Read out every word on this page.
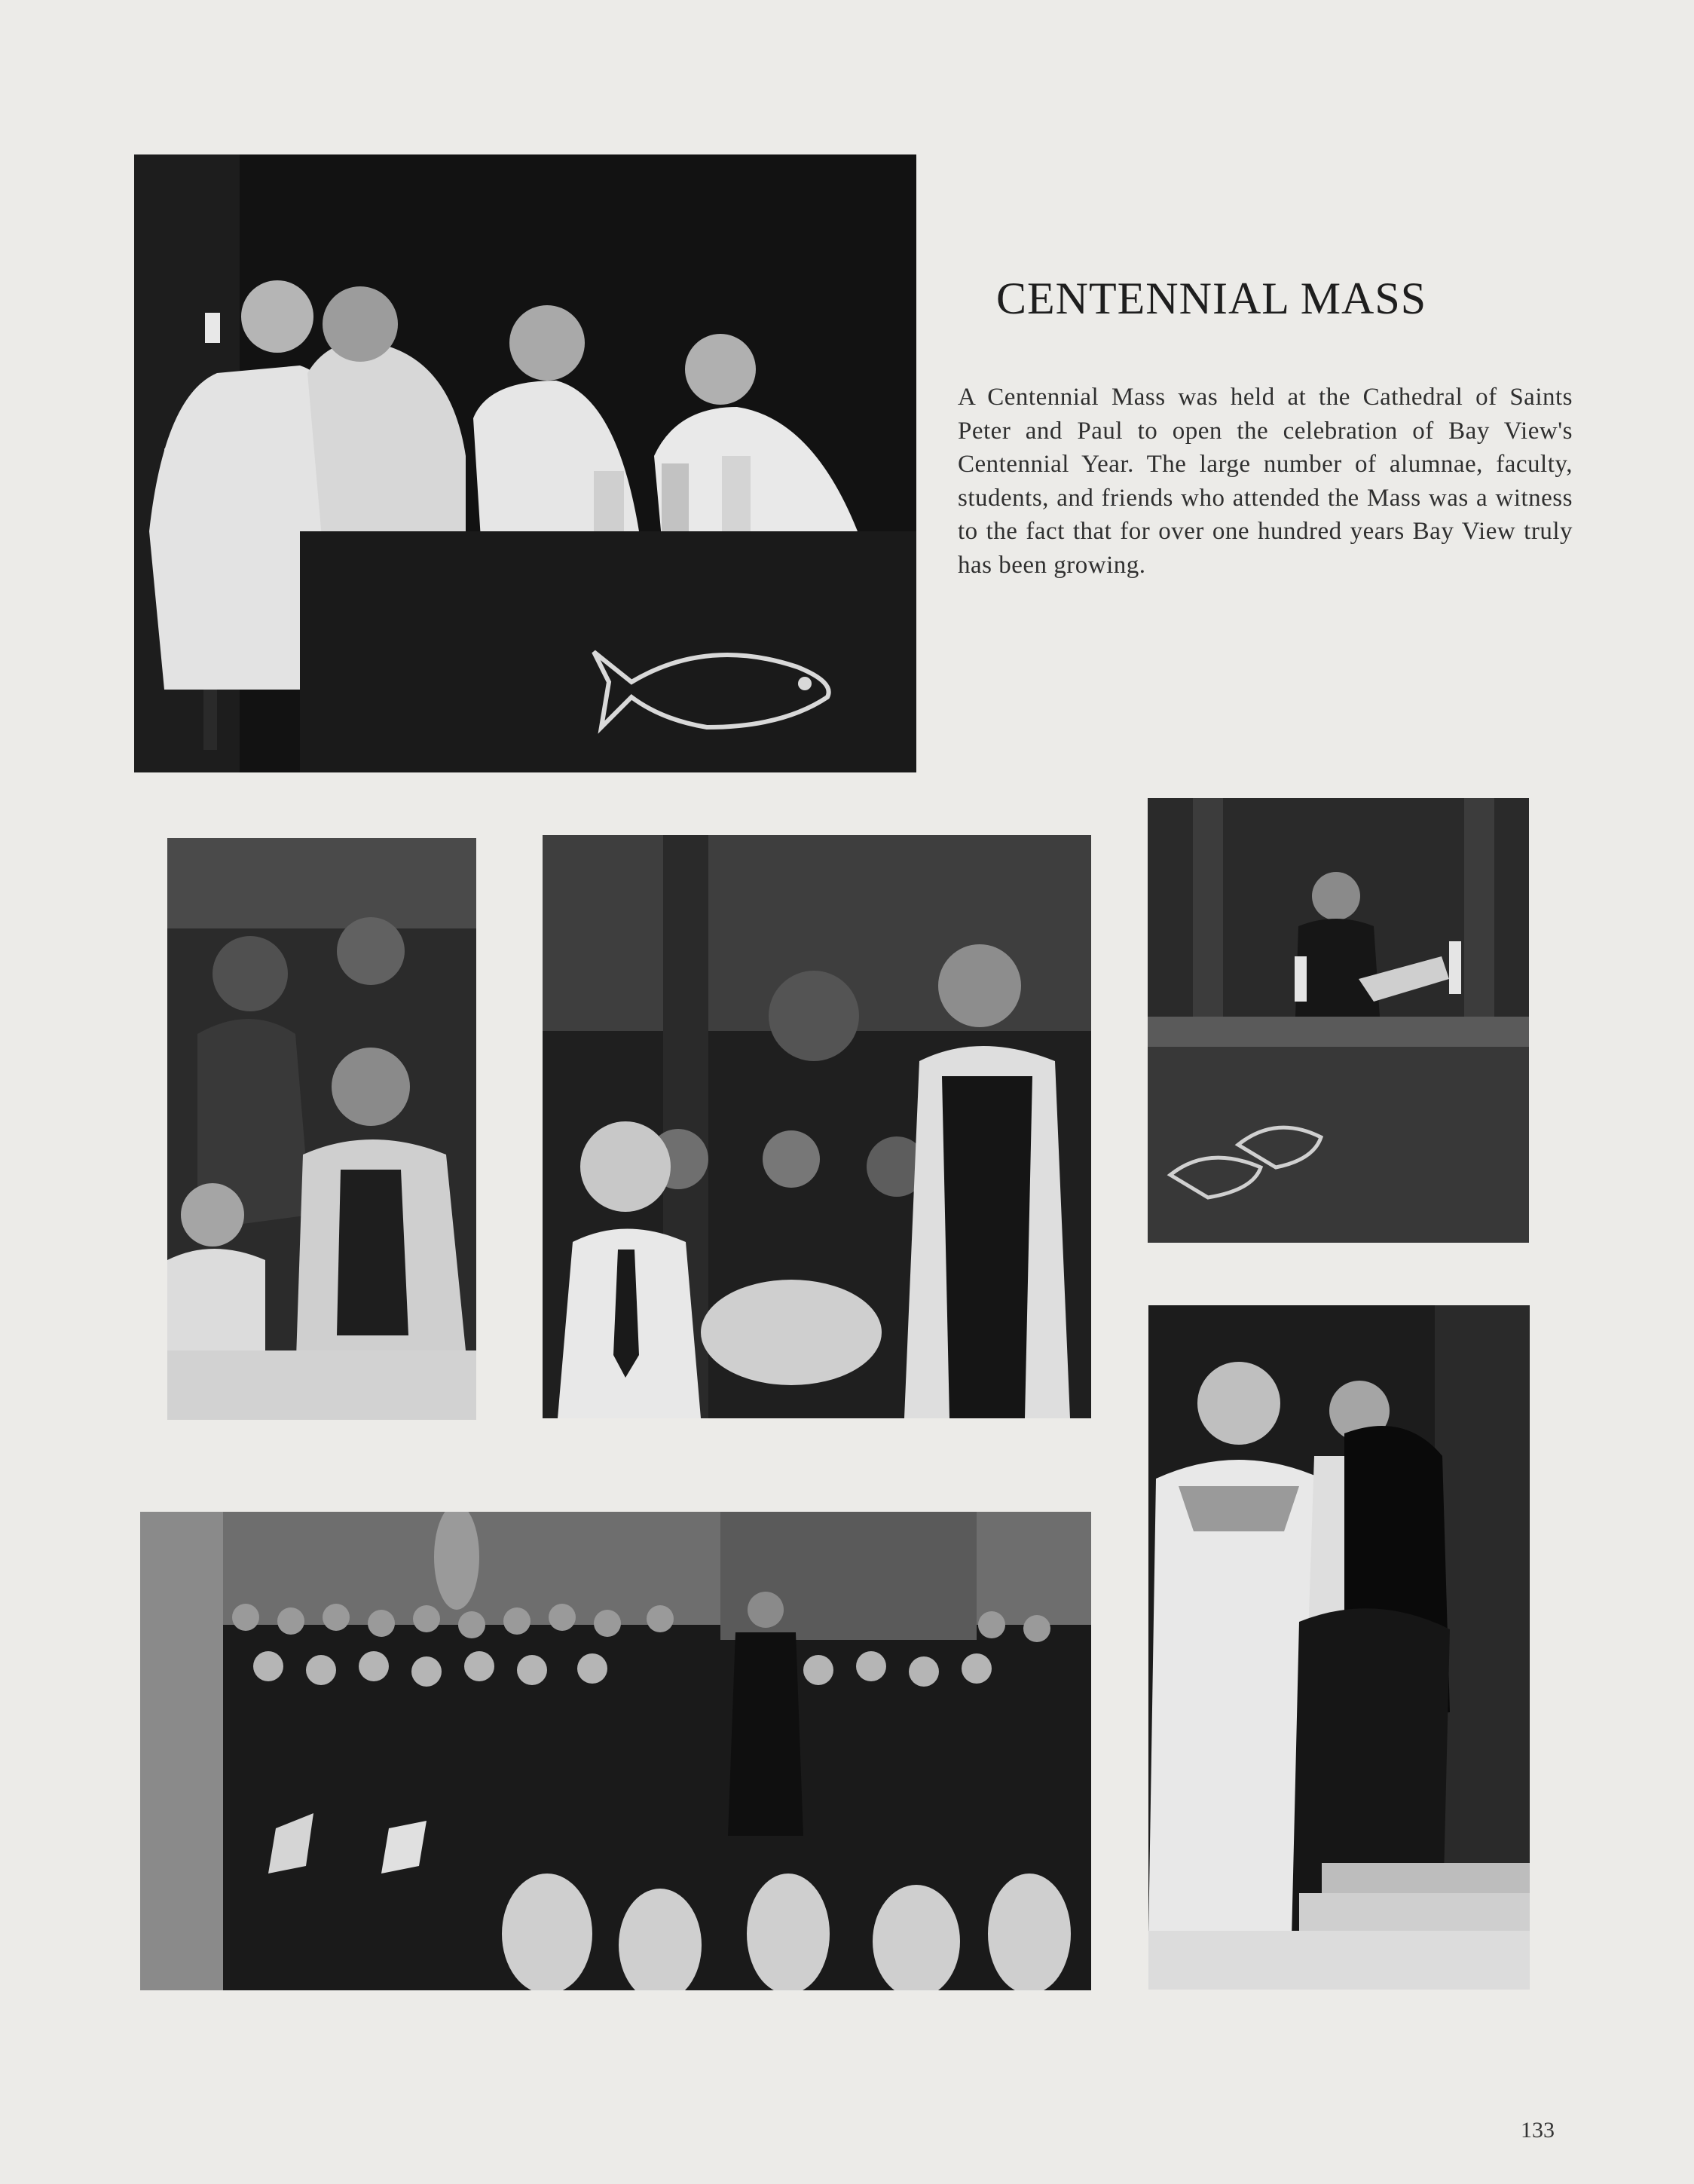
CENTENNIAL MASS

A Centennial Mass was held at the Cathedral of Saints Peter and Paul to open the celebration of Bay View's Centennial Year. The large number of alumnae, faculty, students, and friends who attended the Mass was a witness to the fact that for over one hundred years Bay View truly has been growing.

133
